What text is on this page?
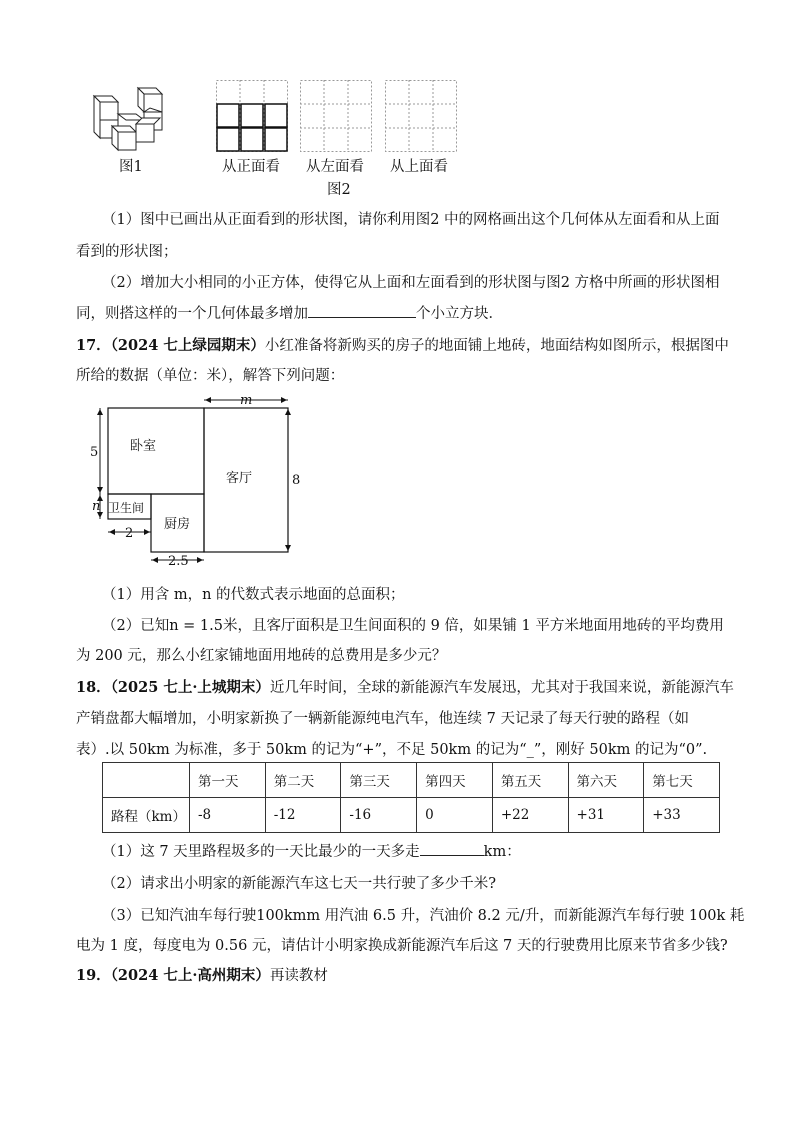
图1	从正面看 从左面看 从上面看
图2
（1）图中已画出从正面看到的形状图，请你利用图2 中的网格画出这个几何体从左面看和从上面
看到的形状图；
（2）增加大小相同的小正方体，使得它从上面和左面看到的形状图与图2 方格中所画的形状图相
同，则搭这样的一个几何体最多增加	个小立方块．
17．（2024 七上绿园期末）小红准备将新购买的房子的地面铺上地砖，地面结构如图所示，根据图中
所给的数据（单位：米），解答下列问题：
卧室
客厅
卫生间
厨房
m
8
5
n
2
2.5
（1）用含 m，n 的代数式表示地面的总面积；
（2）已知n = 1.5米，且客厅面积是卫生间面积的 9 倍，如果铺 1 平方米地面用地砖的平均费用
为 200 元，那么小红家铺地面用地砖的总费用是多少元？
18．（2025 七上·上城期末）近几年时间，全球的新能源汽车发展迅，尤其对于我国来说，新能源汽车
产销盘都大幅增加，小明家新换了一辆新能源纯电汽车，他连续 7 天记录了每天行驶的路程（如
表）.以 50km 为标准，多于 50km 的记为“+”，不足 50km 的记为“_”，刚好 50km 的记为“0”.
	第一天	第二天	第三天	第四天	第五天	第六天	第七天
路程（km）	-8	-12	-16	0	+22	+31	+33
（1）这 7 天里路程圾多的一天比最少的一天多走	km：
（2）请求出小明家的新能源汽车这七天一共行驶了多少千米?
（3）已知汽油车每行驶100kmm 用汽油 6.5 升，汽油价 8.2 元/升，而新能源汽车每行驶 100k 耗
电为 1 度，每度电为 0.56 元，请估计小明家换成新能源汽车后这 7 天的行驶费用比原来节省多少钱?
19．（2024 七上·高州期末）再读教材
